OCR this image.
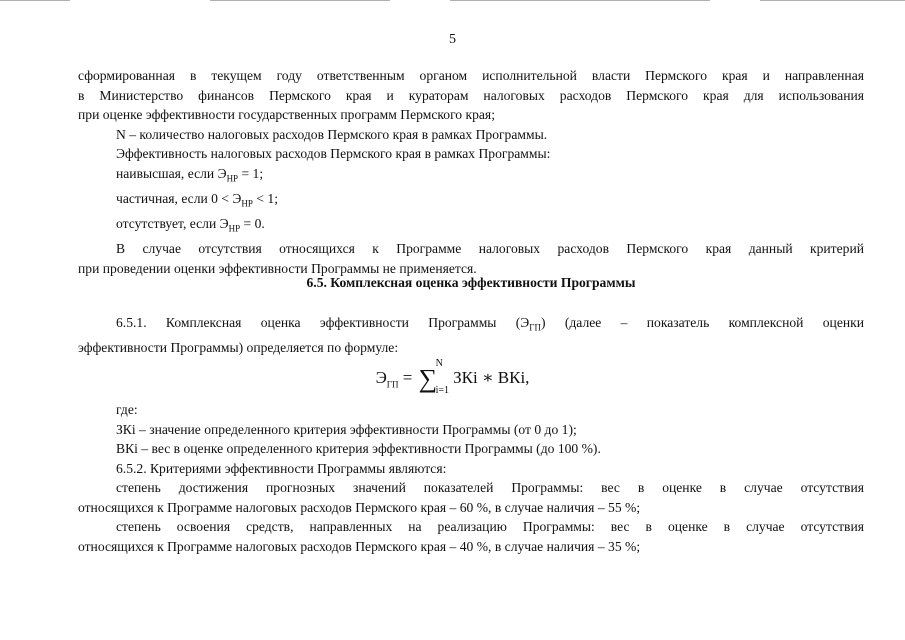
5
сформированная в текущем году ответственным органом исполнительной власти Пермского края и направленная
в Министерство финансов Пермского края и кураторам налоговых расходов Пермского края для использования
при оценке эффективности государственных программ Пермского края;
N – количество налоговых расходов Пермского края в рамках Программы.
Эффективность налоговых расходов Пермского края в рамках Программы:
наивысшая, если $Э_{НР} = 1$;
частичная, если $0 < Э_{НР} < 1$;
отсутствует, если $Э_{НР} = 0$.
В случае отсутствия относящихся к Программе налоговых расходов Пермского края данный критерий
при проведении оценки эффективности Программы не применяется.
6.5. Комплексная оценка эффективности Программы
6.5.1. Комплексная оценка эффективности Программы $(Э_{ГП})$ (далее – показатель комплексной оценки
эффективности Программы) определяется по формуле:
$Э_{ГП}$ = ∑
N
i=1
ЗКi ∗ ВКi,
где:
ЗКi – значение определенного критерия эффективности Программы (от 0 до 1);
ВКi – вес в оценке определенного критерия эффективности Программы (до 100 %).
6.5.2. Критериями эффективности Программы являются:
степень достижения прогнозных значений показателей Программы: вес в оценке в случае отсутствия
относящихся к Программе налоговых расходов Пермского края – 60 %, в случае наличия – 55 %;
степень освоения средств, направленных на реализацию Программы: вес в оценке в случае отсутствия
относящихся к Программе налоговых расходов Пермского края – 40 %, в случае наличия – 35 %;
